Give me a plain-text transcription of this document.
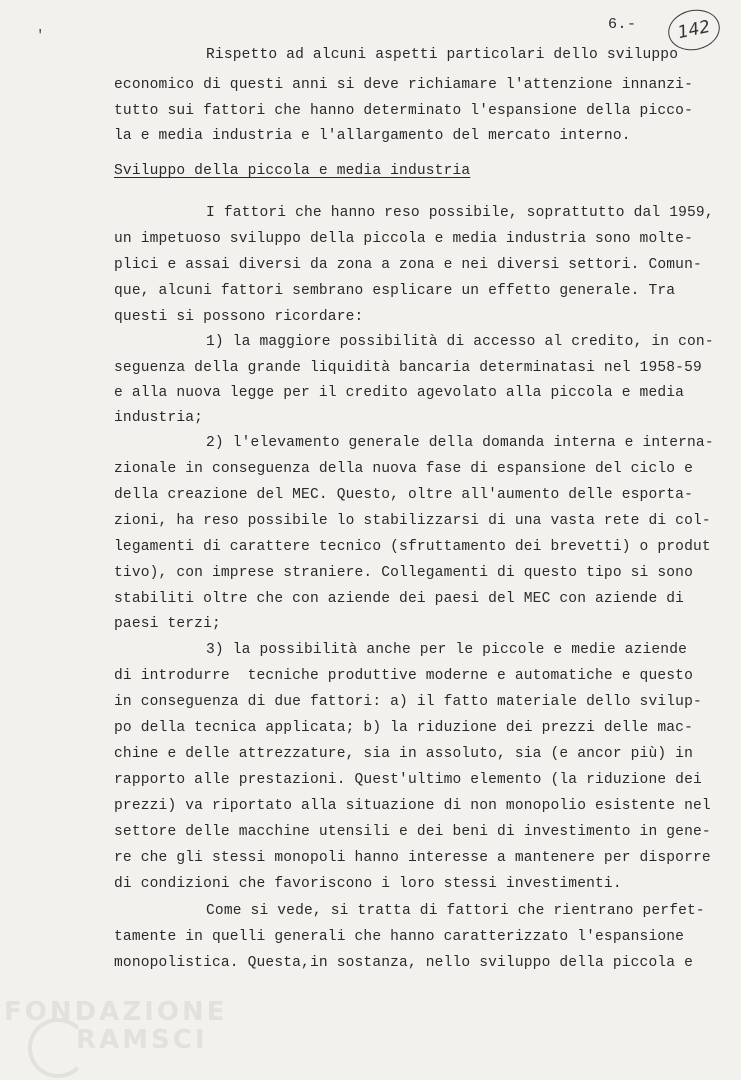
'
6.-	142
Rispetto ad alcuni aspetti particolari dello sviluppo
economico di questi anni si deve richiamare l'attenzione innanzi-
tutto sui fattori che hanno determinato l'espansione della picco-
la e media industria e l'allargamento del mercato interno.
Sviluppo della piccola e media industria
I fattori che hanno reso possibile, soprattutto dal 1959,
un impetuoso sviluppo della piccola e media industria sono molte-
plici e assai diversi da zona a zona e nei diversi settori. Comun-
que, alcuni fattori sembrano esplicare un effetto generale. Tra
questi si possono ricordare:
1) la maggiore possibilità di accesso al credito, in con-
seguenza della grande liquidità bancaria determinatasi nel 1958-59
e alla nuova legge per il credito agevolato alla piccola e media
industria;
2) l'elevamento generale della domanda interna e interna-
zionale in conseguenza della nuova fase di espansione del ciclo e
della creazione del MEC. Questo, oltre all'aumento delle esporta-
zioni, ha reso possibile lo stabilizzarsi di una vasta rete di col-
legamenti di carattere tecnico (sfruttamento dei brevetti) o produt
tivo), con imprese straniere. Collegamenti di questo tipo si sono
stabiliti oltre che con aziende dei paesi del MEC con aziende di
paesi terzi;
3) la possibilità anche per le piccole e medie aziende
di introdurre  tecniche produttive moderne e automatiche e questo
in conseguenza di due fattori: a) il fatto materiale dello svilup-
po della tecnica applicata; b) la riduzione dei prezzi delle mac-
chine e delle attrezzature, sia in assoluto, sia (e ancor più) in
rapporto alle prestazioni. Quest'ultimo elemento (la riduzione dei
prezzi) va riportato alla situazione di non monopolio esistente nel
settore delle macchine utensili e dei beni di investimento in gene-
re che gli stessi monopoli hanno interesse a mantenere per disporre
di condizioni che favoriscono i loro stessi investimenti.
Come si vede, si tratta di fattori che rientrano perfet-
tamente in quelli generali che hanno caratterizzato l'espansione
monopolistica. Questa,in sostanza, nello sviluppo della piccola e
FONDAZIONE
RAMSCI
